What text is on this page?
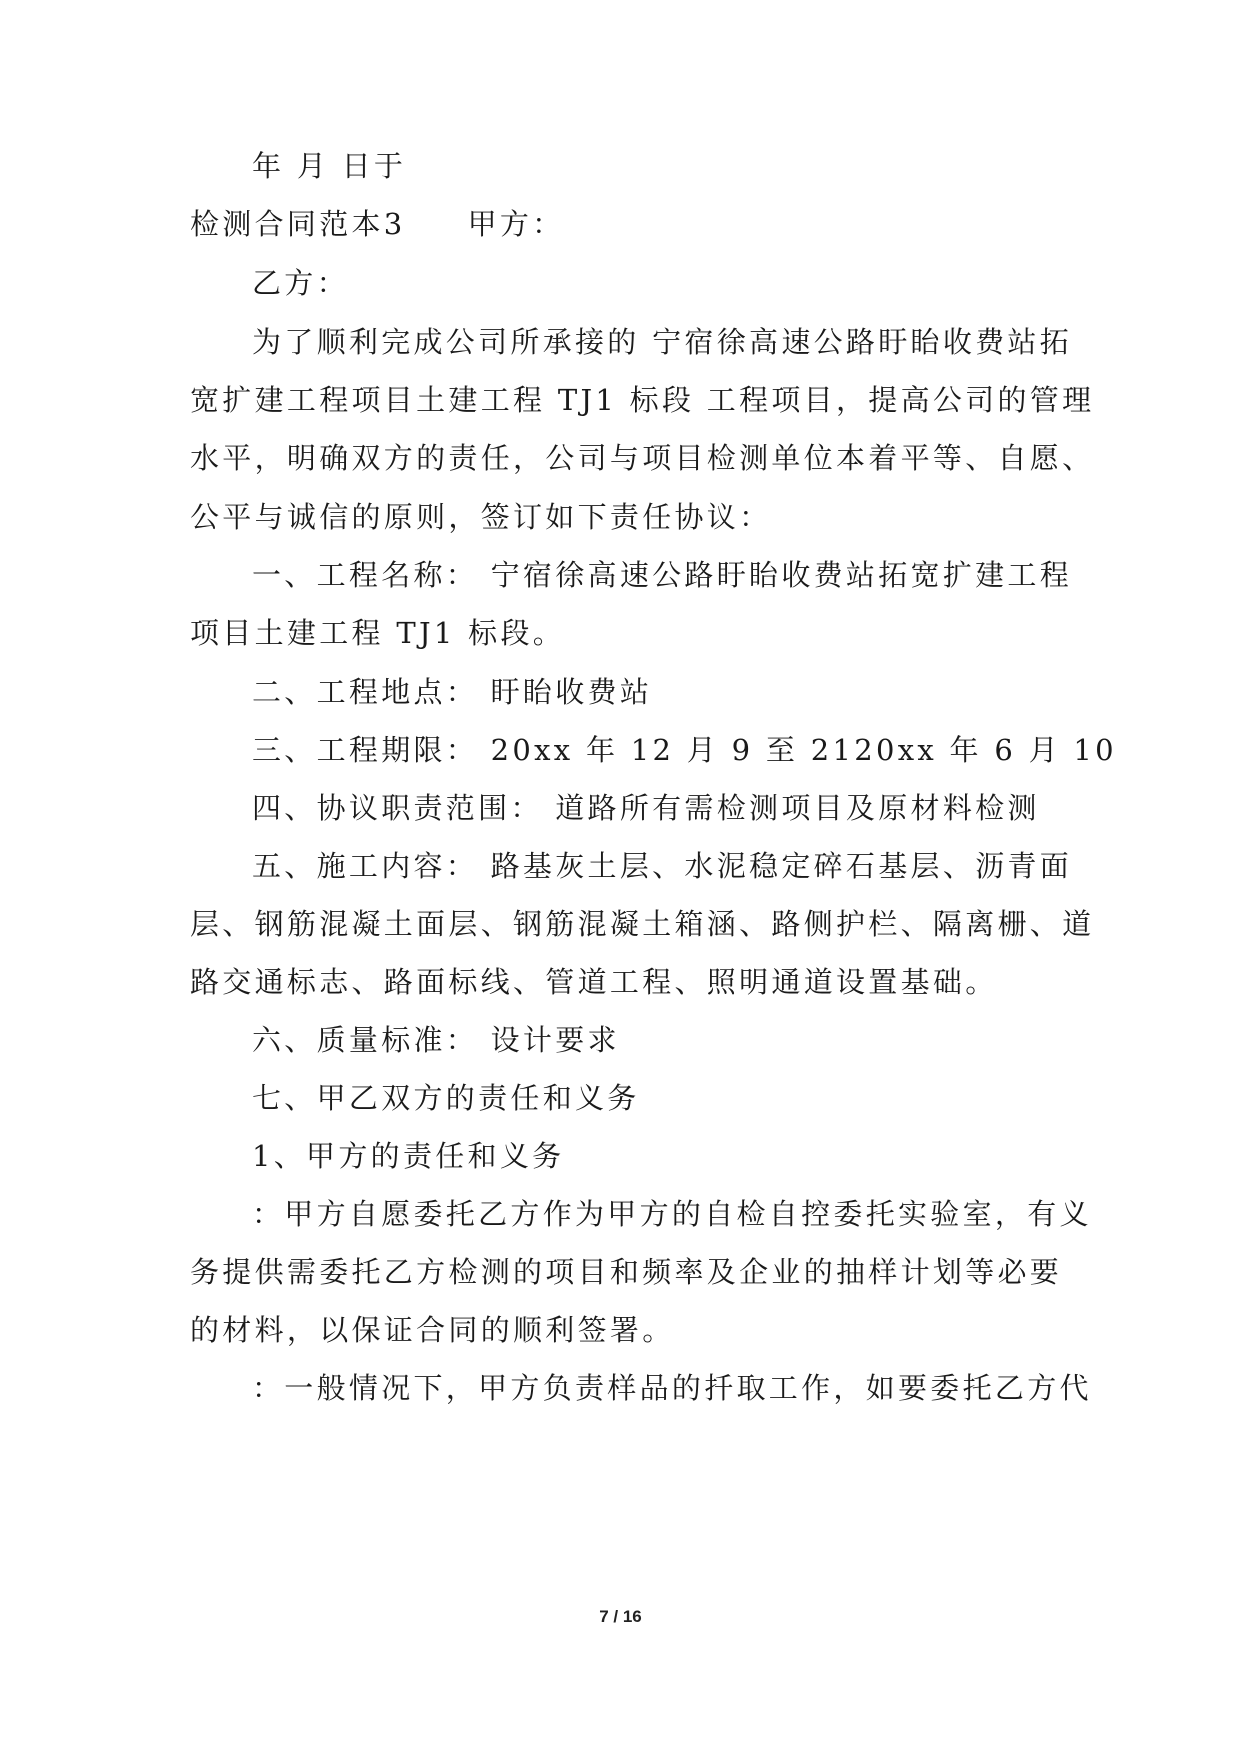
年 月 日于
检测合同范本3 甲方：
乙方：
为了顺利完成公司所承接的 宁宿徐高速公路盱眙收费站拓
宽扩建工程项目土建工程 TJ1 标段 工程项目，提高公司的管理
水平，明确双方的责任，公司与项目检测单位本着平等、自愿、
公平与诚信的原则，签订如下责任协议：
一、工程名称： 宁宿徐高速公路盱眙收费站拓宽扩建工程
项目土建工程 TJ1 标段。
二、工程地点： 盱眙收费站
三、工程期限： 20xx 年 12 月 9 至 2120xx 年 6 月 10
四、协议职责范围： 道路所有需检测项目及原材料检测
五、施工内容： 路基灰土层、水泥稳定碎石基层、沥青面
层、钢筋混凝土面层、钢筋混凝土箱涵、路侧护栏、隔离栅、道
路交通标志、路面标线、管道工程、照明通道设置基础。
六、质量标准： 设计要求
七、甲乙双方的责任和义务
1、甲方的责任和义务
：甲方自愿委托乙方作为甲方的自检自控委托实验室，有义
务提供需委托乙方检测的项目和频率及企业的抽样计划等必要
的材料，以保证合同的顺利签署。
：一般情况下，甲方负责样品的扦取工作，如要委托乙方代
7 / 16
